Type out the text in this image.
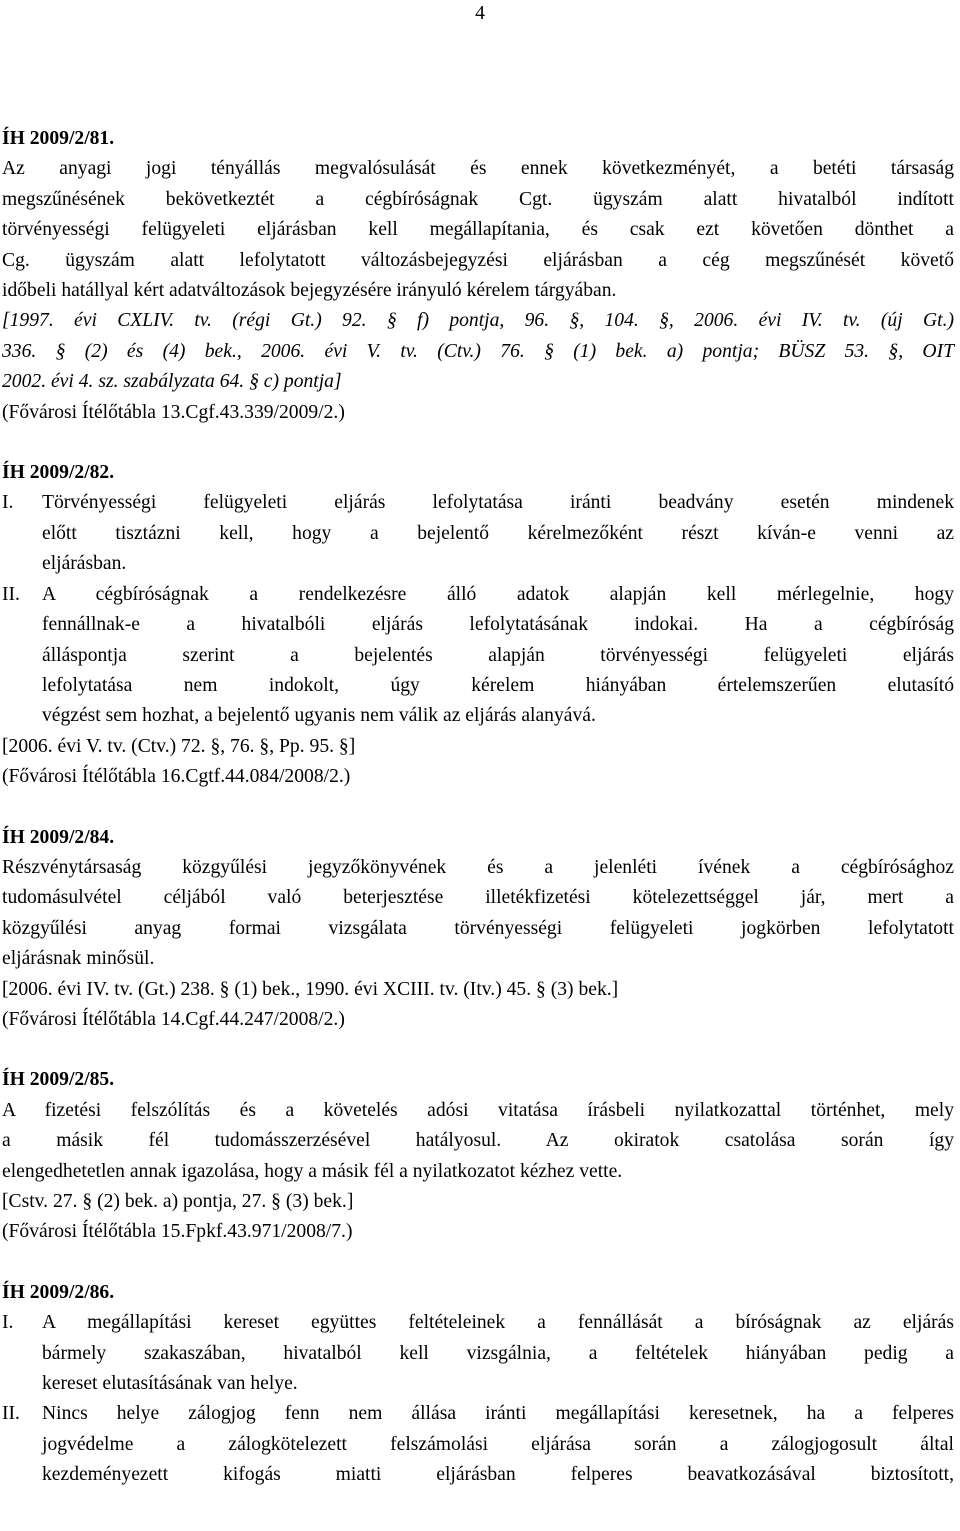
4
ÍH 2009/2/81.
Az anyagi jogi tényállás megvalósulását és ennek következményét, a betéti társaság
megszűnésének bekövetkeztét a cégbíróságnak Cgt. ügyszám alatt hivatalból indított
törvényességi felügyeleti eljárásban kell megállapítania, és csak ezt követően dönthet a
Cg. ügyszám alatt lefolytatott változásbejegyzési eljárásban a cég megszűnését követő
időbeli hatállyal kért adatváltozások bejegyzésére irányuló kérelem tárgyában.
[1997. évi CXLIV. tv. (régi Gt.) 92. § f) pontja, 96. §, 104. §, 2006. évi IV. tv. (új Gt.)
336. § (2) és (4) bek., 2006. évi V. tv. (Ctv.) 76. § (1) bek. a) pontja; BÜSZ 53. §, OIT
2002. évi 4. sz. szabályzata 64. § c) pontja]
(Fővárosi Ítélőtábla 13.Cgf.43.339/2009/2.)
ÍH 2009/2/82.
I.	Törvényességi felügyeleti eljárás lefolytatása iránti beadvány esetén mindenek
előtt tisztázni kell, hogy a bejelentő kérelmezőként részt kíván-e venni az
eljárásban.
II.	A cégbíróságnak a rendelkezésre álló adatok alapján kell mérlegelnie, hogy
fennállnak-e a hivatalbóli eljárás lefolytatásának indokai. Ha a cégbíróság
álláspontja szerint a bejelentés alapján törvényességi felügyeleti eljárás
lefolytatása nem indokolt, úgy kérelem hiányában értelemszerűen elutasító
végzést sem hozhat, a bejelentő ugyanis nem válik az eljárás alanyává.
[2006. évi V. tv. (Ctv.) 72. §, 76. §, Pp. 95. §]
(Fővárosi Ítélőtábla 16.Cgtf.44.084/2008/2.)
ÍH 2009/2/84.
Részvénytársaság közgyűlési jegyzőkönyvének és a jelenléti ívének a cégbírósághoz
tudomásulvétel céljából való beterjesztése illetékfizetési kötelezettséggel jár, mert a
közgyűlési anyag formai vizsgálata törvényességi felügyeleti jogkörben lefolytatott
eljárásnak minősül.
[2006. évi IV. tv. (Gt.) 238. § (1) bek., 1990. évi XCIII. tv. (Itv.) 45. § (3) bek.]
(Fővárosi Ítélőtábla 14.Cgf.44.247/2008/2.)
ÍH 2009/2/85.
A fizetési felszólítás és a követelés adósi vitatása írásbeli nyilatkozattal történhet, mely
a másik fél tudomásszerzésével hatályosul. Az okiratok csatolása során így
elengedhetetlen annak igazolása, hogy a másik fél a nyilatkozatot kézhez vette.
[Cstv. 27. § (2) bek. a) pontja, 27. § (3) bek.]
(Fővárosi Ítélőtábla 15.Fpkf.43.971/2008/7.)
ÍH 2009/2/86.
I.	A megállapítási kereset együttes feltételeinek a fennállását a bíróságnak az eljárás
bármely szakaszában, hivatalból kell vizsgálnia, a feltételek hiányában pedig a
kereset elutasításának van helye.
II.	Nincs helye zálogjog fenn nem állása iránti megállapítási keresetnek, ha a felperes
jogvédelme a zálogkötelezett felszámolási eljárása során a zálogjogosult által
kezdeményezett kifogás miatti eljárásban felperes beavatkozásával biztosított,
